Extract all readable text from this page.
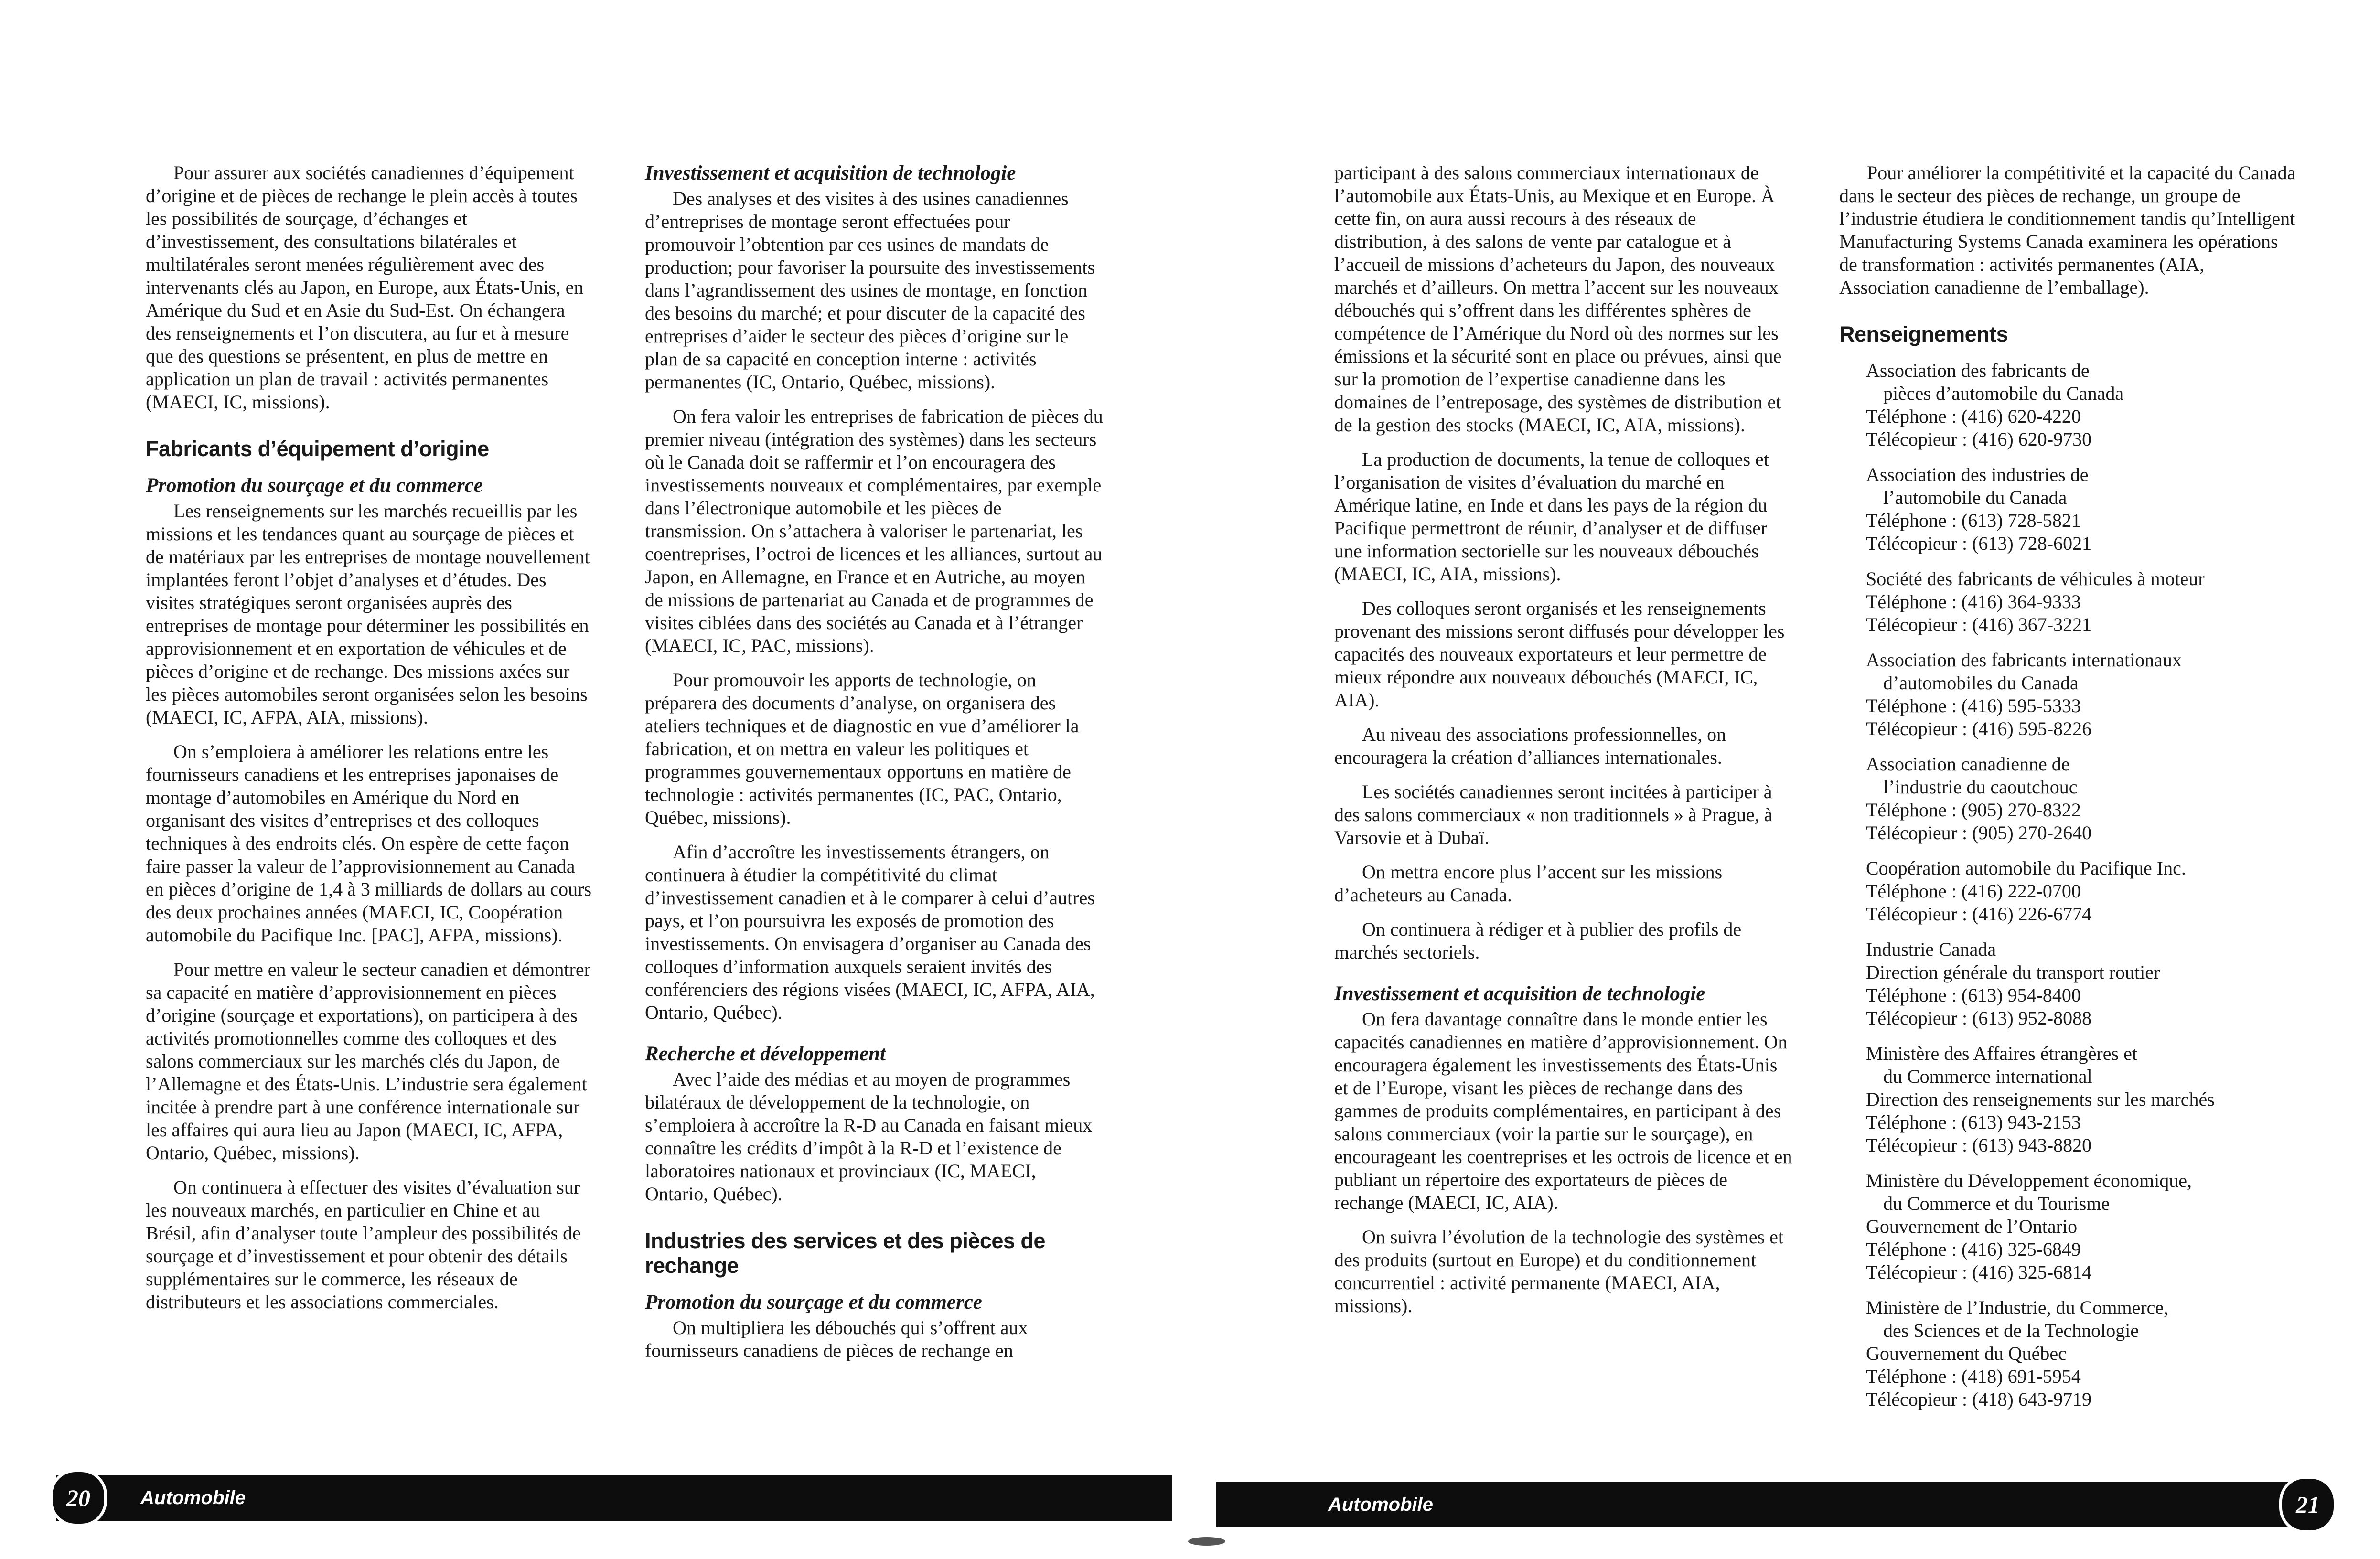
Pour assurer aux sociétés canadiennes d’équipement d’origine et de pièces de rechange le plein accès à toutes les possibilités de sourçage, d’échanges et d’investissement, des consultations bilatérales et multilatérales seront menées régulièrement avec des intervenants clés au Japon, en Europe, aux États-Unis, en Amérique du Sud et en Asie du Sud-Est. On échangera des renseignements et l’on discutera, au fur et à mesure que des questions se présentent, en plus de mettre en application un plan de travail : activités permanentes (MAECI, IC, missions).

Fabricants d’équipement d’origine
Promotion du sourçage et du commerce

Les renseignements sur les marchés recueillis par les missions et les tendances quant au sourçage de pièces et de matériaux par les entreprises de montage nouvellement implantées feront l’objet d’analyses et d’études. Des visites stratégiques seront organisées auprès des entreprises de montage pour déterminer les possibilités en approvisionnement et en exportation de véhicules et de pièces d’origine et de rechange. Des missions axées sur les pièces automobiles seront organisées selon les besoins (MAECI, IC, AFPA, AIA, missions).

On s’emploiera à améliorer les relations entre les fournisseurs canadiens et les entreprises japonaises de montage d’automobiles en Amérique du Nord en organisant des visites d’entreprises et des colloques techniques à des endroits clés. On espère de cette façon faire passer la valeur de l’approvisionnement au Canada en pièces d’origine de 1,4 à 3 milliards de dollars au cours des deux prochaines années (MAECI, IC, Coopération automobile du Pacifique Inc. [PAC], AFPA, missions).

Pour mettre en valeur le secteur canadien et démontrer sa capacité en matière d’approvisionnement en pièces d’origine (sourçage et exportations), on participera à des activités promotionnelles comme des colloques et des salons commerciaux sur les marchés clés du Japon, de l’Allemagne et des États-Unis. L’industrie sera également incitée à prendre part à une conférence internationale sur les affaires qui aura lieu au Japon (MAECI, IC, AFPA, Ontario, Québec, missions).

On continuera à effectuer des visites d’évaluation sur les nouveaux marchés, en particulier en Chine et au Brésil, afin d’analyser toute l’ampleur des possibilités de sourçage et d’investissement et pour obtenir des détails supplémentaires sur le commerce, les réseaux de distributeurs et les associations commerciales.

Investissement et acquisition de technologie

Des analyses et des visites à des usines canadiennes d’entreprises de montage seront effectuées pour promouvoir l’obtention par ces usines de mandats de production; pour favoriser la poursuite des investissements dans l’agrandissement des usines de montage, en fonction des besoins du marché; et pour discuter de la capacité des entreprises d’aider le secteur des pièces d’origine sur le plan de sa capacité en conception interne : activités permanentes (IC, Ontario, Québec, missions).

On fera valoir les entreprises de fabrication de pièces du premier niveau (intégration des systèmes) dans les secteurs où le Canada doit se raffermir et l’on encouragera des investissements nouveaux et complémentaires, par exemple dans l’électronique automobile et les pièces de transmission. On s’attachera à valoriser le partenariat, les coentreprises, l’octroi de licences et les alliances, surtout au Japon, en Allemagne, en France et en Autriche, au moyen de missions de partenariat au Canada et de programmes de visites ciblées dans des sociétés au Canada et à l’étranger (MAECI, IC, PAC, missions).

Pour promouvoir les apports de technologie, on préparera des documents d’analyse, on organisera des ateliers techniques et de diagnostic en vue d’améliorer la fabrication, et on mettra en valeur les politiques et programmes gouvernementaux opportuns en matière de technologie : activités permanentes (IC, PAC, Ontario, Québec, missions).

Afin d’accroître les investissements étrangers, on continuera à étudier la compétitivité du climat d’investissement canadien et à le comparer à celui d’autres pays, et l’on poursuivra les exposés de promotion des investissements. On envisagera d’organiser au Canada des colloques d’information auxquels seraient invités des conférenciers des régions visées (MAECI, IC, AFPA, AIA, Ontario, Québec).

Recherche et développement

Avec l’aide des médias et au moyen de programmes bilatéraux de développement de la technologie, on s’emploiera à accroître la R-D au Canada en faisant mieux connaître les crédits d’impôt à la R-D et l’existence de laboratoires nationaux et provinciaux (IC, MAECI, Ontario, Québec).

Industries des services et des pièces de rechange
Promotion du sourçage et du commerce

On multipliera les débouchés qui s’offrent aux fournisseurs canadiens de pièces de rechange en

participant à des salons commerciaux internationaux de l’automobile aux États-Unis, au Mexique et en Europe. À cette fin, on aura aussi recours à des réseaux de distribution, à des salons de vente par catalogue et à l’accueil de missions d’acheteurs du Japon, des nouveaux marchés et d’ailleurs. On mettra l’accent sur les nouveaux débouchés qui s’offrent dans les différentes sphères de compétence de l’Amérique du Nord où des normes sur les émissions et la sécurité sont en place ou prévues, ainsi que sur la promotion de l’expertise canadienne dans les domaines de l’entreposage, des systèmes de distribution et de la gestion des stocks (MAECI, IC, AIA, missions).

La production de documents, la tenue de colloques et l’organisation de visites d’évaluation du marché en Amérique latine, en Inde et dans les pays de la région du Pacifique permettront de réunir, d’analyser et de diffuser une information sectorielle sur les nouveaux débouchés (MAECI, IC, AIA, missions).

Des colloques seront organisés et les renseignements provenant des missions seront diffusés pour développer les capacités des nouveaux exportateurs et leur permettre de mieux répondre aux nouveaux débouchés (MAECI, IC, AIA).

Au niveau des associations professionnelles, on encouragera la création d’alliances internationales.

Les sociétés canadiennes seront incitées à participer à des salons commerciaux « non traditionnels » à Prague, à Varsovie et à Dubaï.

On mettra encore plus l’accent sur les missions d’acheteurs au Canada.

On continuera à rédiger et à publier des profils de marchés sectoriels.

Investissement et acquisition de technologie

On fera davantage connaître dans le monde entier les capacités canadiennes en matière d’approvisionnement. On encouragera également les investissements des États-Unis et de l’Europe, visant les pièces de rechange dans des gammes de produits complémentaires, en participant à des salons commerciaux (voir la partie sur le sourçage), en encourageant les coentreprises et les octrois de licence et en publiant un répertoire des exportateurs de pièces de rechange (MAECI, IC, AIA).

On suivra l’évolution de la technologie des systèmes et des produits (surtout en Europe) et du conditionnement concurrentiel : activité permanente (MAECI, AIA, missions).

Pour améliorer la compétitivité et la capacité du Canada dans le secteur des pièces de rechange, un groupe de l’industrie étudiera le conditionnement tandis qu’Intelligent Manufacturing Systems Canada examinera les opérations de transformation : activités permanentes (AIA, Association canadienne de l’emballage).

Renseignements
Association des fabricants de
pièces d’automobile du Canada
Téléphone : (416) 620-4220
Télécopieur : (416) 620-9730
Association des industries de
l’automobile du Canada
Téléphone : (613) 728-5821
Télécopieur : (613) 728-6021
Société des fabricants de véhicules à moteur
Téléphone : (416) 364-9333
Télécopieur : (416) 367-3221
Association des fabricants internationaux
d’automobiles du Canada
Téléphone : (416) 595-5333
Télécopieur : (416) 595-8226
Association canadienne de
l’industrie du caoutchouc
Téléphone : (905) 270-8322
Télécopieur : (905) 270-2640
Coopération automobile du Pacifique Inc.
Téléphone : (416) 222-0700
Télécopieur : (416) 226-6774
Industrie Canada
Direction générale du transport routier
Téléphone : (613) 954-8400
Télécopieur : (613) 952-8088
Ministère des Affaires étrangères et
du Commerce international
Direction des renseignements sur les marchés
Téléphone : (613) 943-2153
Télécopieur : (613) 943-8820
Ministère du Développement économique,
du Commerce et du Tourisme
Gouvernement de l’Ontario
Téléphone : (416) 325-6849
Télécopieur : (416) 325-6814
Ministère de l’Industrie, du Commerce,
des Sciences et de la Technologie
Gouvernement du Québec
Téléphone : (418) 691-5954
Télécopieur : (418) 643-9719
Automobile
20	Automobile	21
